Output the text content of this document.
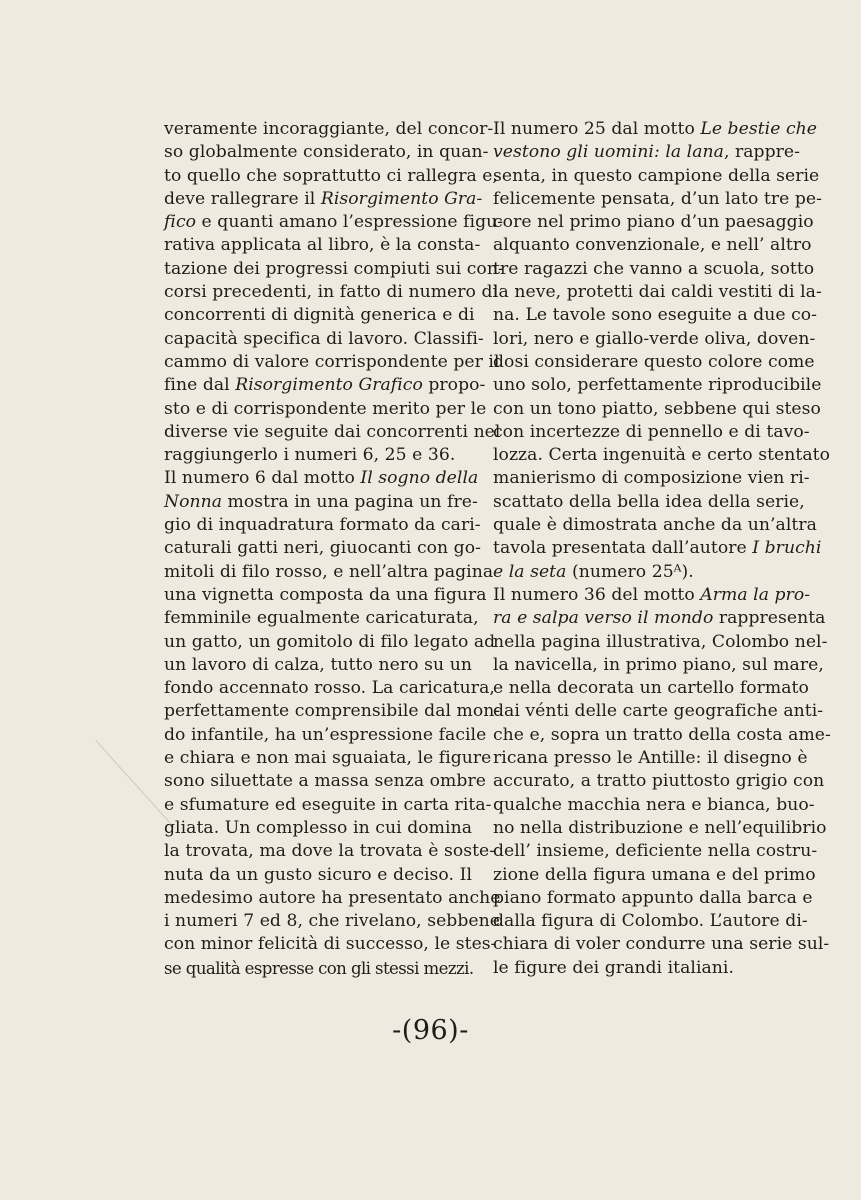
veramente incoraggiante, del concor-
so globalmente considerato, in quan-
to quello che soprattutto ci rallegra e,
deve rallegrare il Risorgimento Gra-
fico e quanti amano l’espressione figu-
rativa applicata al libro, è la consta-
tazione dei progressi compiuti sui con-
corsi precedenti, in fatto di numero di
concorrenti di dignità generica e di
capacità specifica di lavoro. Classifi-
cammo di valore corrispondente per il
fine dal Risorgimento Grafico propo-
sto e di corrispondente merito per le
diverse vie seguite dai concorrenti nel
raggiungerlo i numeri 6, 25 e 36.
Il numero 6 dal motto Il sogno della
Nonna mostra in una pagina un fre-
gio di inquadratura formato da cari-
caturali gatti neri, giuocanti con go-
mitoli di filo rosso, e nell’altra pagina
una vignetta composta da una figura
femminile egualmente caricaturata,
un gatto, un gomitolo di filo legato ad
un lavoro di calza, tutto nero su un
fondo accennato rosso. La caricatura,
perfettamente comprensibile dal mon-
do infantile, ha un’espressione facile
e chiara e non mai sguaiata, le figure
sono siluettate a massa senza ombre
e sfumature ed eseguite in carta rita-
gliata. Un complesso in cui domina
la trovata, ma dove la trovata è soste-
nuta da un gusto sicuro e deciso. Il
medesimo autore ha presentato anche
i numeri 7 ed 8, che rivelano, sebbene
con minor felicità di successo, le stes-
se qualità espresse con gli stessi mezzi.
Il numero 25 dal motto Le bestie che
vestono gli uomini: la lana, rappre-
senta, in questo campione della serie
felicemente pensata, d’un lato tre pe-
core nel primo piano d’un paesaggio
alquanto convenzionale, e nell’ altro
tre ragazzi che vanno a scuola, sotto
la neve, protetti dai caldi vestiti di la-
na. Le tavole sono eseguite a due co-
lori, nero e giallo-verde oliva, doven-
dosi considerare questo colore come
uno solo, perfettamente riproducibile
con un tono piatto, sebbene qui steso
con incertezze di pennello e di tavo-
lozza. Certa ingenuità e certo stentato
manierismo di composizione vien ri-
scattato della bella idea della serie,
quale è dimostrata anche da un’altra
tavola presentata dall’autore I bruchi
e la seta (numero 25ᴬ).
Il numero 36 del motto Arma la pro-
ra e salpa verso il mondo rappresenta
nella pagina illustrativa, Colombo nel-
la navicella, in primo piano, sul mare,
e nella decorata un cartello formato
dai vénti delle carte geografiche anti-
che e, sopra un tratto della costa ame-
ricana presso le Antille: il disegno è
accurato, a tratto piuttosto grigio con
qualche macchia nera e bianca, buo-
no nella distribuzione e nell’equilibrio
dell’ insieme, deficiente nella costru-
zione della figura umana e del primo
piano formato appunto dalla barca e
dalla figura di Colombo. L’autore di-
chiara di voler condurre una serie sul-
le figure dei grandi italiani.
-(96)-
